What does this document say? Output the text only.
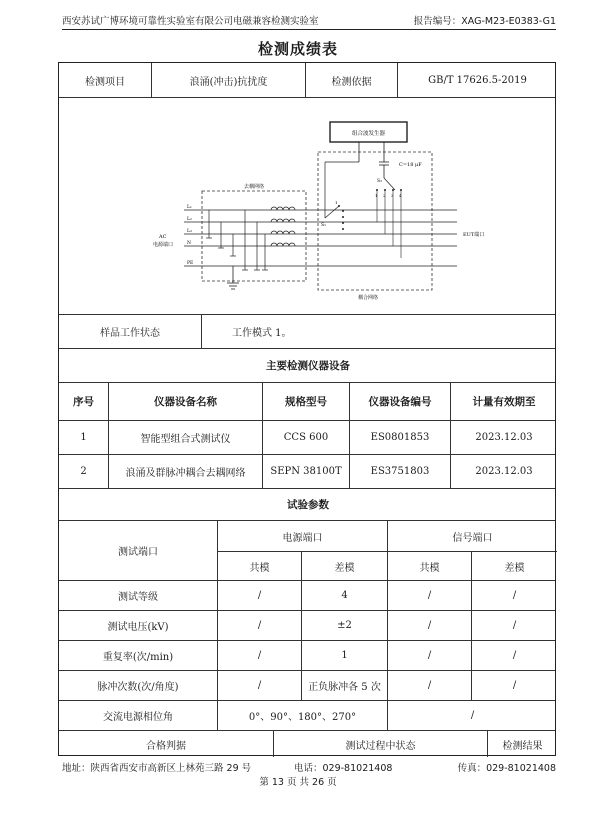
西安苏试广博环境可靠性实验室有限公司电磁兼容检测实验室	报告编号：XAG-M23-E0383-G1
检测成绩表
检测项目	浪涌(冲击)抗扰度	检测依据	GB/T 17626.5-2019
组合波发生器
耦合网络
去耦网络
C=18 μF
S₂
1 2 3 4
S₁
1
L₁
L₂
L₃
N
PE
AC
电源端口
EUT端口
样品工作状态	工作模式 1。
主要检测仪器设备
序号	仪器设备名称	规格型号	仪器设备编号	计量有效期至
1	智能型组合式测试仪	CCS 600	ES0801853	2023.12.03
2	浪涌及群脉冲耦合去耦网络	SEPN 38100T	ES3751803	2023.12.03
试验参数
测试端口
电源端口	信号端口
共模	差模	共模	差模
测试等级	/	4	/	/
测试电压(kV)	/	±2	/	/
重复率(次/min)	/	1	/	/
脉冲次数(次/角度)	/	正负脉冲各 5 次	/	/
交流电源相位角	0°、90°、180°、270°	/
合格判据	测试过程中状态	检测结果
地址：陕西省西安市高新区上林苑三路 29 号	电话：029-81021408	传真：029-81021408
第 13 页 共 26 页
